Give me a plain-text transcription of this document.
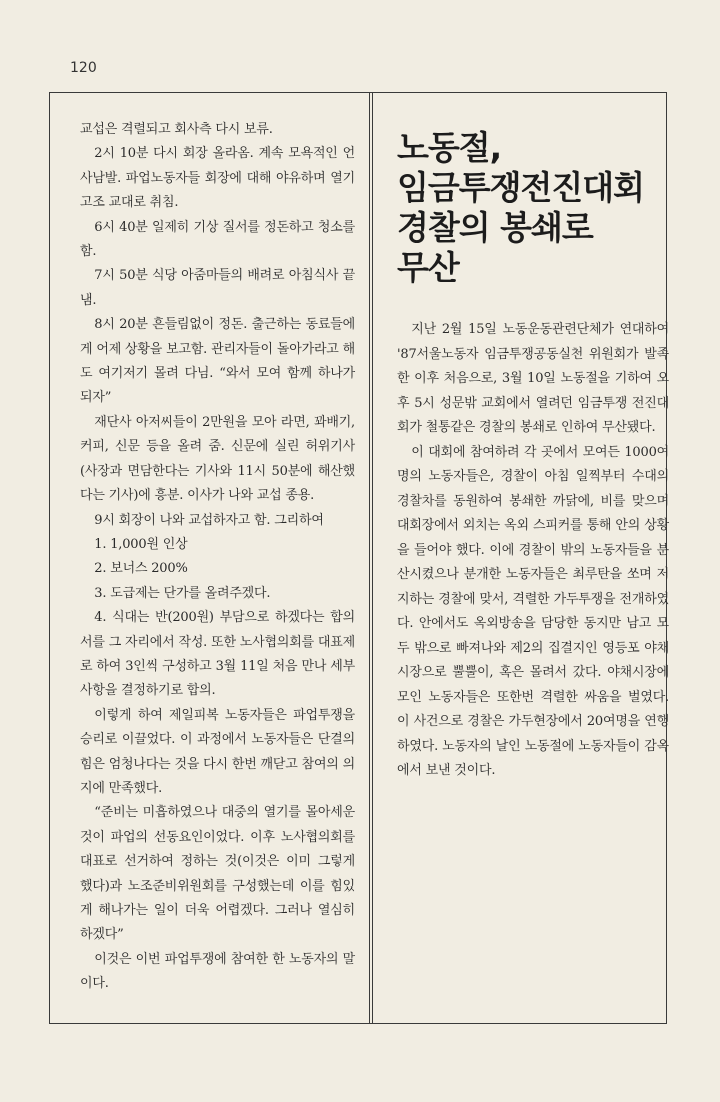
120

교섭은 격렬되고 회사측 다시 보류.

2시 10분 다시 회장 올라옴. 계속 모욕적인 언사남발. 파업노동자들 회장에 대해 야유하며 열기고조 교대로 취침.

6시 40분 일제히 기상 질서를 정돈하고 청소를 함.

7시 50분 식당 아줌마들의 배려로 아침식사 끝냄.

8시 20분 흔들림없이 정돈. 출근하는 동료들에게 어제 상황을 보고함. 관리자들이 돌아가라고 해도 여기저기 몰려 다님. “와서 모여 함께 하나가 되자”

재단사 아저씨들이 2만원을 모아 라면, 꽈배기, 커피, 신문 등을 올려 줌. 신문에 실린 허위기사(사장과 면담한다는 기사와 11시 50분에 해산했다는 기사)에 흥분. 이사가 나와 교섭 종용.

9시 회장이 나와 교섭하자고 함. 그리하여

1. 1,000원 인상

2. 보너스 200%

3. 도급제는 단가를 올려주겠다.

4. 식대는 반(200원) 부담으로 하겠다는 합의서를 그 자리에서 작성. 또한 노사협의회를 대표제로 하여 3인씩 구성하고 3월 11일 처음 만나 세부사항을 결정하기로 합의.

이렇게 하여 제일피복 노동자들은 파업투쟁을 승리로 이끌었다. 이 과정에서 노동자들은 단결의 힘은 엄청나다는 것을 다시 한번 깨닫고 참여의 의지에 만족했다.

“준비는 미흡하였으나 대중의 열기를 몰아세운 것이 파업의 선동요인이었다. 이후 노사협의회를 대표로 선거하여 정하는 것(이것은 이미 그렇게 했다)과 노조준비위원회를 구성했는데 이를 힘있게 해나가는 일이 더욱 어렵겠다. 그러나 열심히 하겠다”

이것은 이번 파업투쟁에 참여한 한 노동자의 말이다.

노동절,
임금투쟁전진대회
경찰의 봉쇄로
무산

지난 2월 15일 노동운동관련단체가 연대하여 '87서울노동자 임금투쟁공동실천 위원회가 발족한 이후 처음으로, 3월 10일 노동절을 기하여 오후 5시 성문밖 교회에서 열려던 임금투쟁 전진대회가 철통같은 경찰의 봉쇄로 인하여 무산됐다.

이 대회에 참여하려 각 곳에서 모여든 1000여명의 노동자들은, 경찰이 아침 일찍부터 수대의 경찰차를 동원하여 봉쇄한 까닭에, 비를 맞으며 대회장에서 외치는 옥외 스피커를 통해 안의 상황을 들어야 했다. 이에 경찰이 밖의 노동자들을 분산시켰으나 분개한 노동자들은 최루탄을 쏘며 저지하는 경찰에 맞서, 격렬한 가두투쟁을 전개하였다. 안에서도 옥외방송을 담당한 동지만 남고 모두 밖으로 빠져나와 제2의 집결지인 영등포 야채시장으로 뿔뿔이, 혹은 몰려서 갔다. 야채시장에 모인 노동자들은 또한번 격렬한 싸움을 벌였다. 이 사건으로 경찰은 가두현장에서 20여명을 연행하였다. 노동자의 날인 노동절에 노동자들이 감옥에서 보낸 것이다.
